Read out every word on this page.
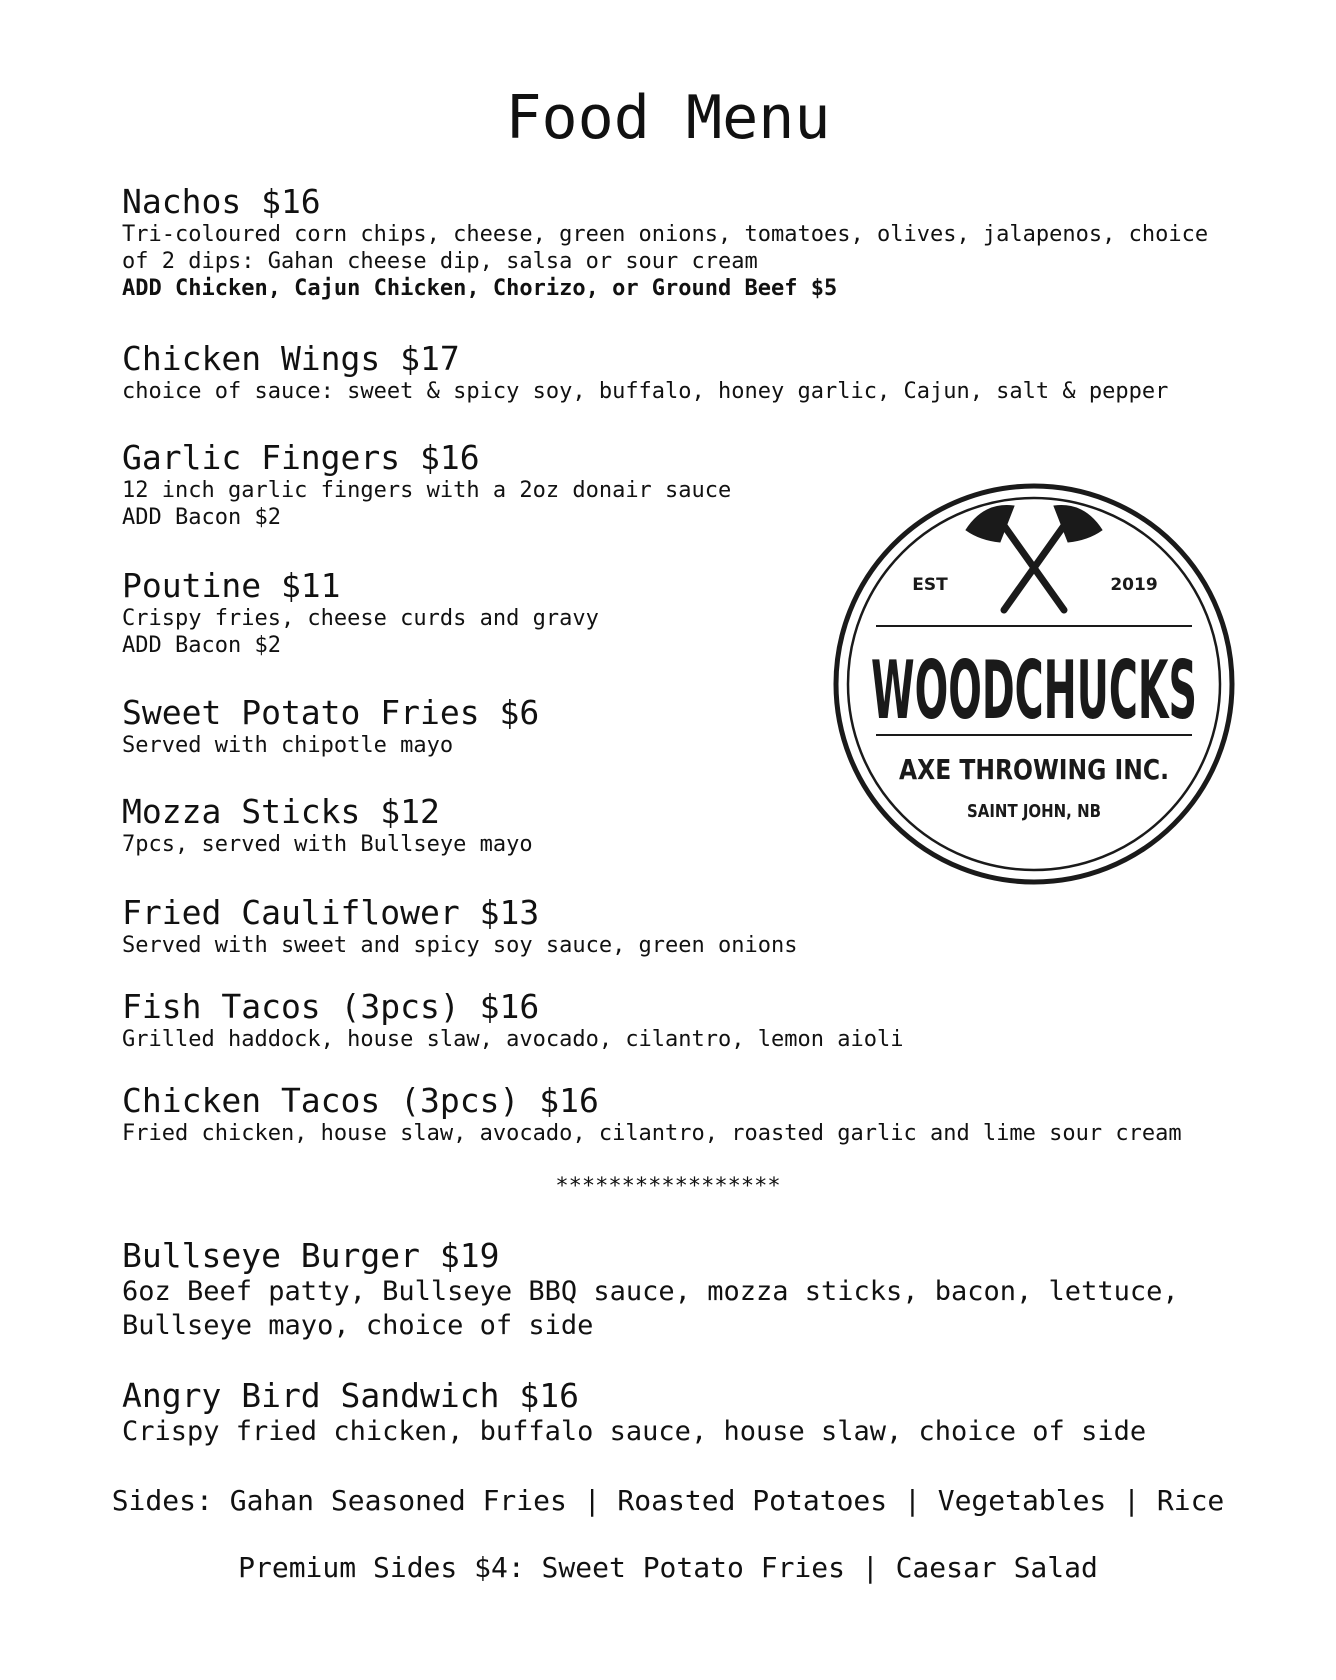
Food Menu
Nachos $16
Tri-coloured corn chips, cheese, green onions, tomatoes, olives, jalapenos, choice
of 2 dips: Gahan cheese dip, salsa or sour cream
ADD Chicken, Cajun Chicken, Chorizo, or Ground Beef $5
Chicken Wings $17
choice of sauce: sweet & spicy soy, buffalo, honey garlic, Cajun, salt & pepper
Garlic Fingers $16
12 inch garlic fingers with a 2oz donair sauce
ADD Bacon $2
Poutine $11
Crispy fries, cheese curds and gravy
ADD Bacon $2
Sweet Potato Fries $6
Served with chipotle mayo
Mozza Sticks $12
7pcs, served with Bullseye mayo
Fried Cauliflower $13
Served with sweet and spicy soy sauce, green onions
Fish Tacos (3pcs) $16
Grilled haddock, house slaw, avocado, cilantro, lemon aioli
Chicken Tacos (3pcs) $16
Fried chicken, house slaw, avocado, cilantro, roasted garlic and lime sour cream
*****************
Bullseye Burger $19
6oz Beef patty, Bullseye BBQ sauce, mozza sticks, bacon, lettuce,
Bullseye mayo, choice of side
Angry Bird Sandwich $16
Crispy fried chicken, buffalo sauce, house slaw, choice of side
Sides: Gahan Seasoned Fries | Roasted Potatoes | Vegetables | Rice
Premium Sides $4: Sweet Potato Fries | Caesar Salad
EST	2019
WOODCHUCKS
AXE THROWING INC.
SAINT JOHN, NB
